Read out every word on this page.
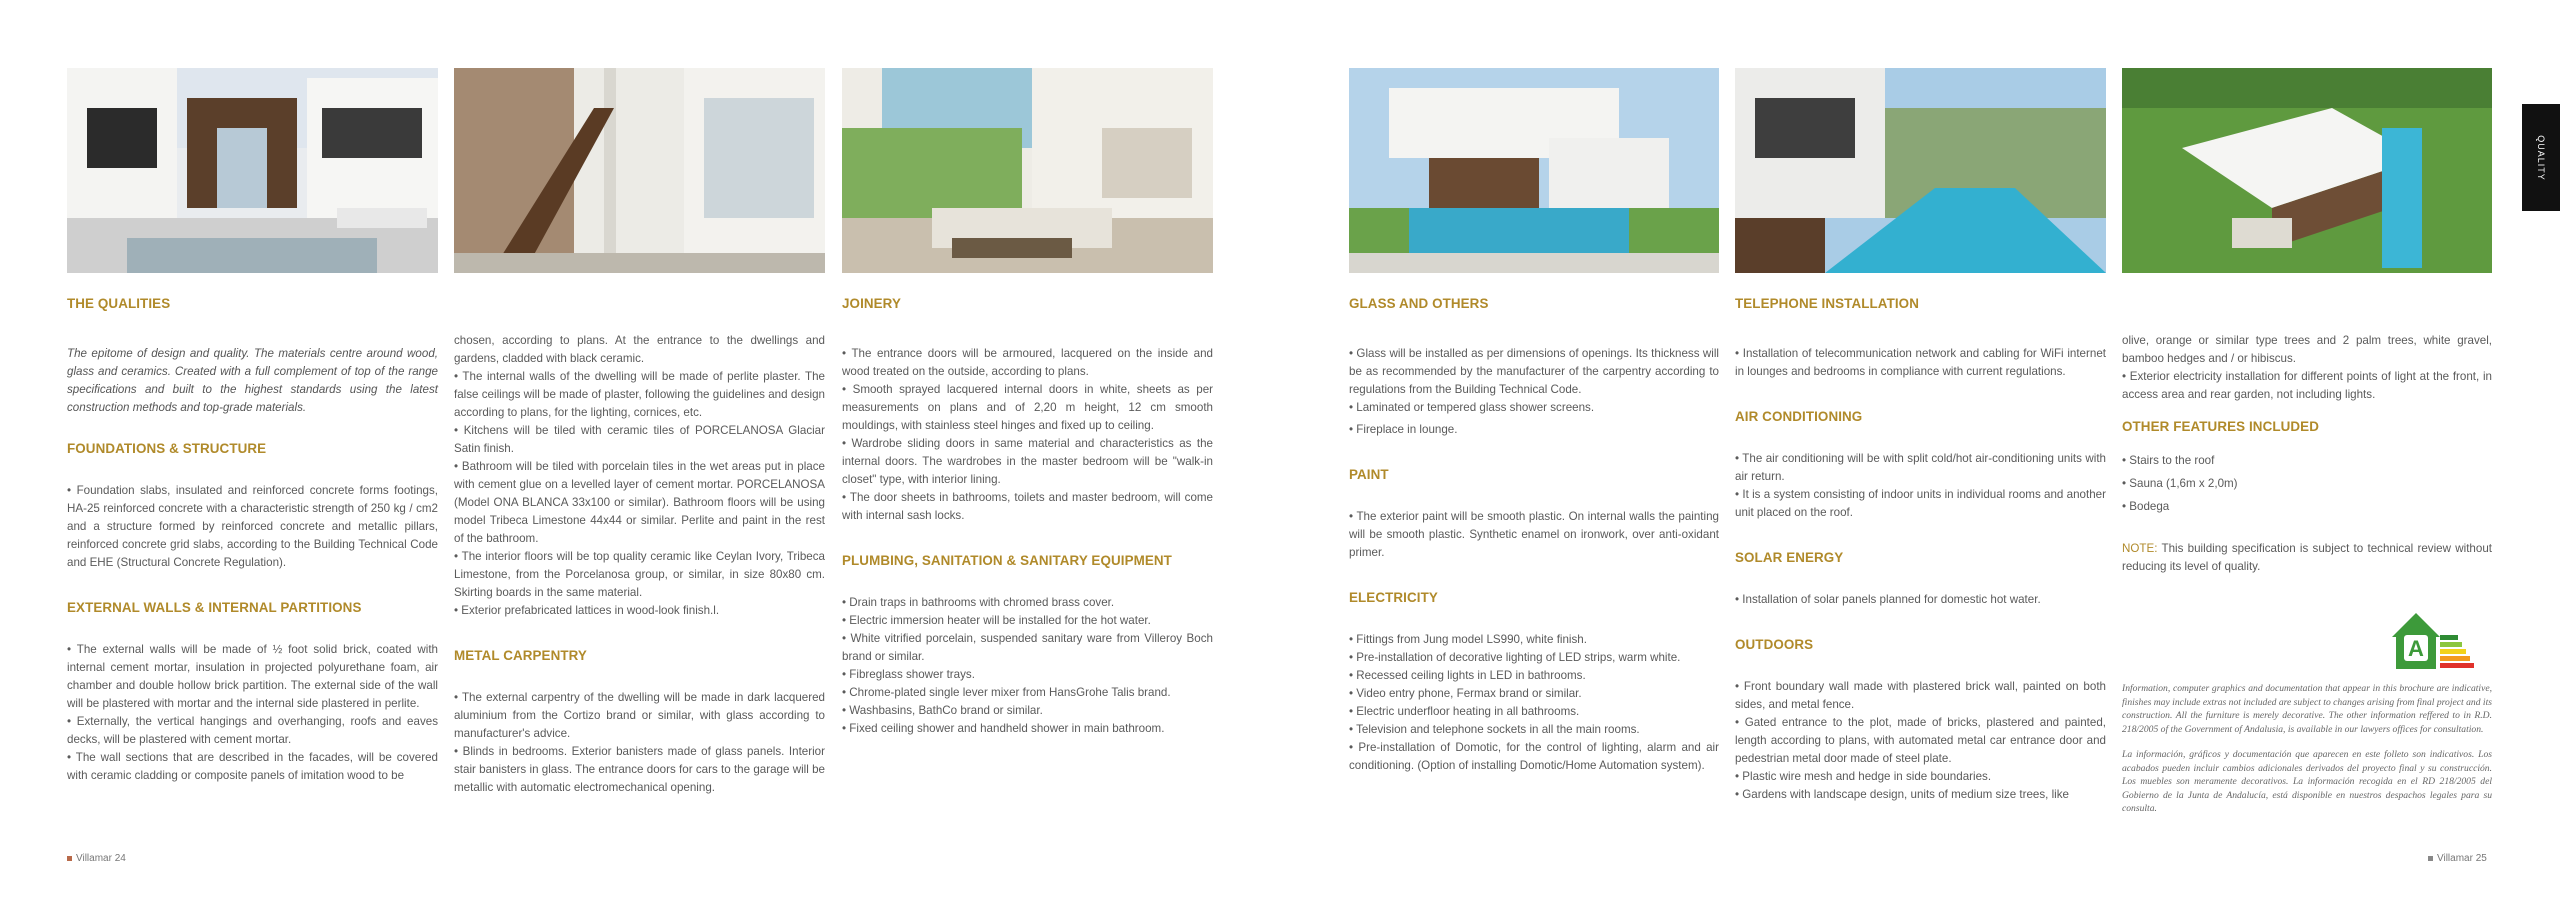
QUALITY
THE QUALITIES

The epitome of design and quality. The materials centre around wood, glass and ceramics. Created with a full complement of top of the range specifications and built to the highest standards using the latest construction methods and top-grade materials.

FOUNDATIONS & STRUCTURE

• Foundation slabs, insulated and reinforced concrete forms footings, HA-25 reinforced concrete with a characteristic strength of 250 kg / cm2 and a structure formed by reinforced concrete and metallic pillars, reinforced concrete grid slabs, according to the Building Technical Code and EHE (Structural Concrete Regulation).

EXTERNAL WALLS & INTERNAL PARTITIONS

• The external walls will be made of ½ foot solid brick, coated with internal cement mortar, insulation in projected polyurethane foam, air chamber and double hollow brick partition. The external side of the wall will be plastered with mortar and the internal side plastered in perlite.

• Externally, the vertical hangings and overhanging, roofs and eaves decks, will be plastered with cement mortar.

• The wall sections that are described in the facades, will be covered with ceramic cladding or composite panels of imitation wood to be

chosen, according to plans. At the entrance to the dwellings and gardens, cladded with black ceramic.

• The internal walls of the dwelling will be made of perlite plaster. The false ceilings will be made of plaster, following the guidelines and design according to plans, for the lighting, cornices, etc.

• Kitchens will be tiled with ceramic tiles of PORCELANOSA Glaciar Satin finish.

• Bathroom will be tiled with porcelain tiles in the wet areas put in place with cement glue on a levelled layer of cement mortar. PORCELANOSA (Model ONA BLANCA 33x100 or similar). Bathroom floors will be using model Tribeca Limestone 44x44 or similar. Perlite and paint in the rest of the bathroom.

• The interior floors will be top quality ceramic like Ceylan Ivory, Tribeca Limestone, from the Porcelanosa group, or similar, in size 80x80 cm. Skirting boards in the same material.

• Exterior prefabricated lattices in wood-look finish.l.

METAL CARPENTRY

• The external carpentry of the dwelling will be made in dark lacquered aluminium from the Cortizo brand or similar, with glass according to manufacturer's advice.

• Blinds in bedrooms. Exterior banisters made of glass panels. Interior stair banisters in glass. The entrance doors for cars to the garage will be metallic with automatic electromechanical opening.

JOINERY

• The entrance doors will be armoured, lacquered on the inside and wood treated on the outside, according to plans.

• Smooth sprayed lacquered internal doors in white, sheets as per measurements on plans and of 2,20 m height, 12 cm smooth mouldings, with stainless steel hinges and fixed up to ceiling.

• Wardrobe sliding doors in same material and characteristics as the internal doors. The wardrobes in the master bedroom will be "walk-in closet" type, with interior lining.

• The door sheets in bathrooms, toilets and master bedroom, will come with internal sash locks.

PLUMBING, SANITATION & SANITARY EQUIPMENT

• Drain traps in bathrooms with chromed brass cover.

• Electric immersion heater will be installed for the hot water.

• White vitrified porcelain, suspended sanitary ware from Villeroy Boch brand or similar.

• Fibreglass shower trays.

• Chrome-plated single lever mixer from HansGrohe Talis brand.

• Washbasins, BathCo brand or similar.

• Fixed ceiling shower and handheld shower in main bathroom.

GLASS AND OTHERS

• Glass will be installed as per dimensions of openings. Its thickness will be as recommended by the manufacturer of the carpentry according to regulations from the Building Technical Code.

• Laminated or tempered glass shower screens.

• Fireplace in lounge.

PAINT

• The exterior paint will be smooth plastic. On internal walls the painting will be smooth plastic. Synthetic enamel on ironwork, over anti-oxidant primer.

ELECTRICITY

• Fittings from Jung model LS990, white finish.

• Pre-installation of decorative lighting of LED strips, warm white.

• Recessed ceiling lights in LED in bathrooms.

• Video entry phone, Fermax brand or similar.

• Electric underfloor heating in all bathrooms.

• Television and telephone sockets in all the main rooms.

• Pre-installation of Domotic, for the control of lighting, alarm and air conditioning. (Option of installing Domotic/Home Automation system).

TELEPHONE INSTALLATION

• Installation of telecommunication network and cabling for WiFi internet in lounges and bedrooms in compliance with current regulations.

AIR CONDITIONING

• The air conditioning will be with split cold/hot air-conditioning units with air return.

• It is a system consisting of indoor units in individual rooms and another unit placed on the roof.

SOLAR ENERGY

• Installation of solar panels planned for domestic hot water.

OUTDOORS

• Front boundary wall made with plastered brick wall, painted on both sides, and metal fence.

• Gated entrance to the plot, made of bricks, plastered and painted, length according to plans, with automated metal car entrance door and pedestrian metal door made of steel plate.

• Plastic wire mesh and hedge in side boundaries.

• Gardens with landscape design, units of medium size trees, like

olive, orange or similar type trees and 2 palm trees, white gravel, bamboo hedges and / or hibiscus.

• Exterior electricity installation for different points of light at the front, in access area and rear garden, not including lights.

OTHER FEATURES INCLUDED

• Stairs to the roof

• Sauna (1,6m x 2,0m)

• Bodega

NOTE: This building specification is subject to technical review without reducing its level of quality.

Information, computer graphics and documentation that appear in this brochure are indicative, finishes may include extras not included are subject to changes arising from final project and its construction. All the furniture is merely decorative. The other information reffered to in R.D. 218/2005 of the Government of Andalusia, is available in our lawyers offices for consultation.

La información, gráficos y documentación que aparecen en este folleto son indicativos. Los acabados pueden incluir cambios adicionales derivados del proyecto final y su construcción. Los muebles son meramente decorativos. La información recogida en el RD 218/2005 del Gobierno de la Junta de Andalucía, está disponible en nuestros despachos legales para su consulta.

A
Villamar 24	Villamar 25
